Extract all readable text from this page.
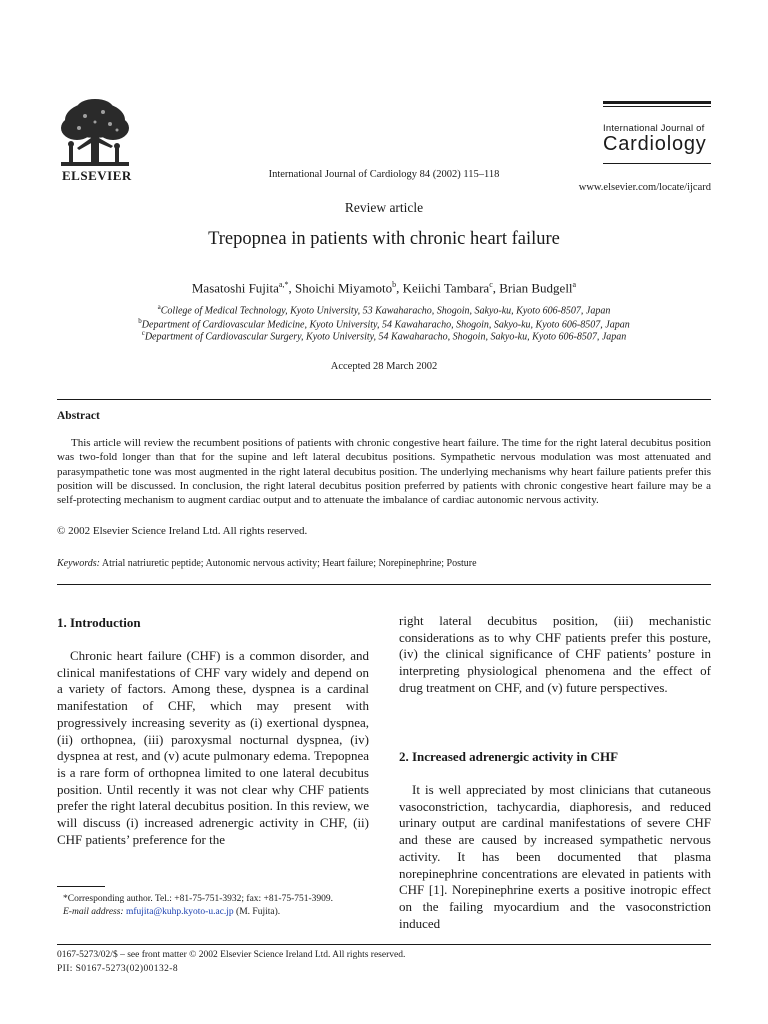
ELSEVIER	International Journal of Cardiology 84 (2002) 115–118
International Journal of
Cardiology
www.elsevier.com/locate/ijcard
Review article
Trepopnea in patients with chronic heart failure
Masatoshi Fujita$^{a,*}$, Shoichi Miyamoto$^b$, Keiichi Tambara$^c$, Brian Budgell$^a$
$^a$College of Medical Technology, Kyoto University, 53 Kawaharacho, Shogoin, Sakyo-ku, Kyoto 606-8507, Japan
$^b$Department of Cardiovascular Medicine, Kyoto University, 54 Kawaharacho, Shogoin, Sakyo-ku, Kyoto 606-8507, Japan
$^c$Department of Cardiovascular Surgery, Kyoto University, 54 Kawaharacho, Shogoin, Sakyo-ku, Kyoto 606-8507, Japan
Accepted 28 March 2002
Abstract

This article will review the recumbent positions of patients with chronic congestive heart failure. The time for the right lateral decubitus position was two-fold longer than that for the supine and left lateral decubitus positions. Sympathetic nervous modulation was most attenuated and parasympathetic tone was most augmented in the right lateral decubitus position. The underlying mechanisms why heart failure patients prefer this position will be discussed. In conclusion, the right lateral decubitus position preferred by patients with chronic congestive heart failure may be a self-protecting mechanism to augment cardiac output and to attenuate the imbalance of cardiac autonomic nervous activity.

© 2002 Elsevier Science Ireland Ltd. All rights reserved.
Keywords: Atrial natriuretic peptide; Autonomic nervous activity; Heart failure; Norepinephrine; Posture
1. Introduction

Chronic heart failure (CHF) is a common disorder, and clinical manifestations of CHF vary widely and depend on a variety of factors. Among these, dyspnea is a cardinal manifestation of CHF, which may present with progressively increasing severity as (i) exertional dyspnea, (ii) orthopnea, (iii) paroxysmal nocturnal dyspnea, (iv) dyspnea at rest, and (v) acute pulmonary edema. Trepopnea is a rare form of orthopnea limited to one lateral decubitus position. Until recently it was not clear why CHF patients prefer the right lateral decubitus position. In this review, we will discuss (i) increased adrenergic activity in CHF, (ii) CHF patients’ preference for the

*Corresponding author. Tel.: +81-75-751-3932; fax: +81-75-751-3909.

E-mail address: mfujita@kuhp.kyoto-u.ac.jp (M. Fujita).

right lateral decubitus position, (iii) mechanistic considerations as to why CHF patients prefer this posture, (iv) the clinical significance of CHF patients’ posture in interpreting physiological phenomena and the effect of drug treatment on CHF, and (v) future perspectives.

2. Increased adrenergic activity in CHF

It is well appreciated by most clinicians that cutaneous vasoconstriction, tachycardia, diaphoresis, and reduced urinary output are cardinal manifestations of severe CHF and these are caused by increased sympathetic nervous activity. It has been documented that plasma norepinephrine concentrations are elevated in patients with CHF [1]. Norepinephrine exerts a positive inotropic effect on the failing myocardium and the vasoconstriction induced

0167-5273/02/$ – see front matter © 2002 Elsevier Science Ireland Ltd. All rights reserved.
PII: S0167-5273(02)00132-8
